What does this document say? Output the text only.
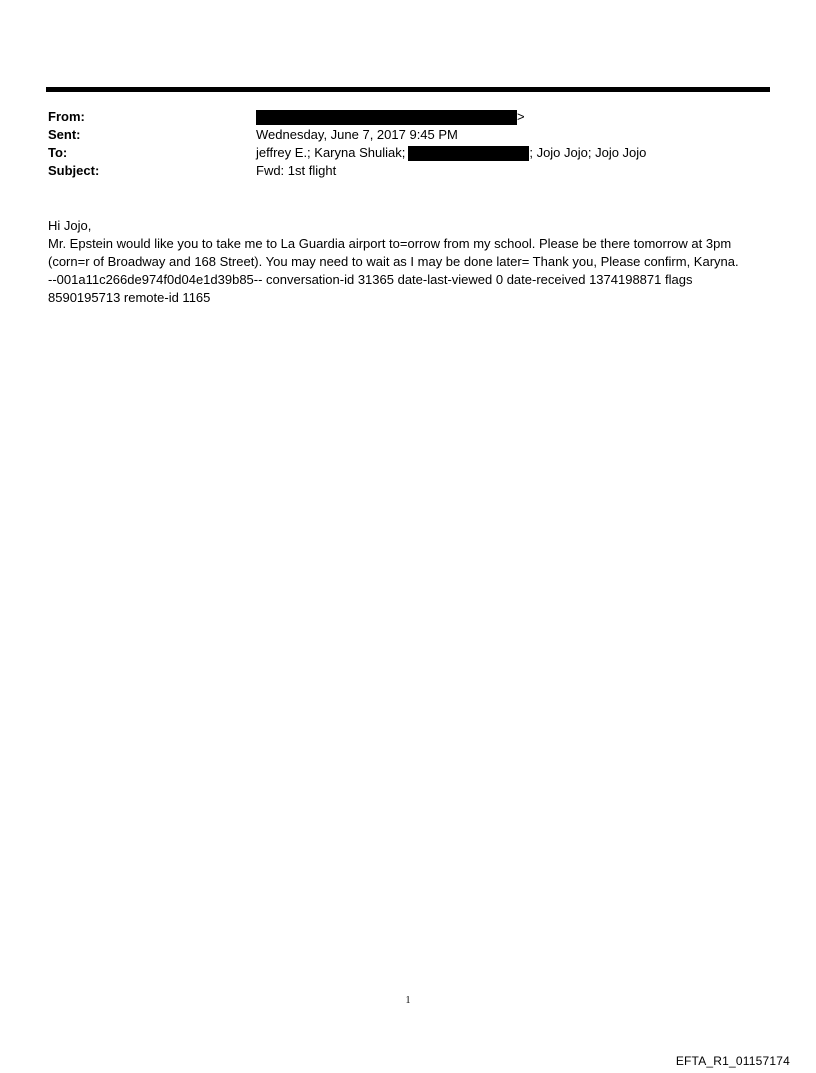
From:	>
Sent:	Wednesday, June 7, 2017 9:45 PM
To:	jeffrey E.; Karyna Shuliak;	; Jojo Jojo; Jojo Jojo
Subject:	Fwd: 1st flight
Hi Jojo,
Mr. Epstein would like you to take me to La Guardia airport to=orrow from my school. Please be there tomorrow at 3pm
(corn=r of Broadway and 168 Street). You may need to wait as I may be done later= Thank you, Please confirm, Karyna.
--001a11c266de974f0d04e1d39b85-- conversation-id 31365 date-last-viewed 0 date-received 1374198871 flags
8590195713 remote-id 1165
1
EFTA_R1_01157174
